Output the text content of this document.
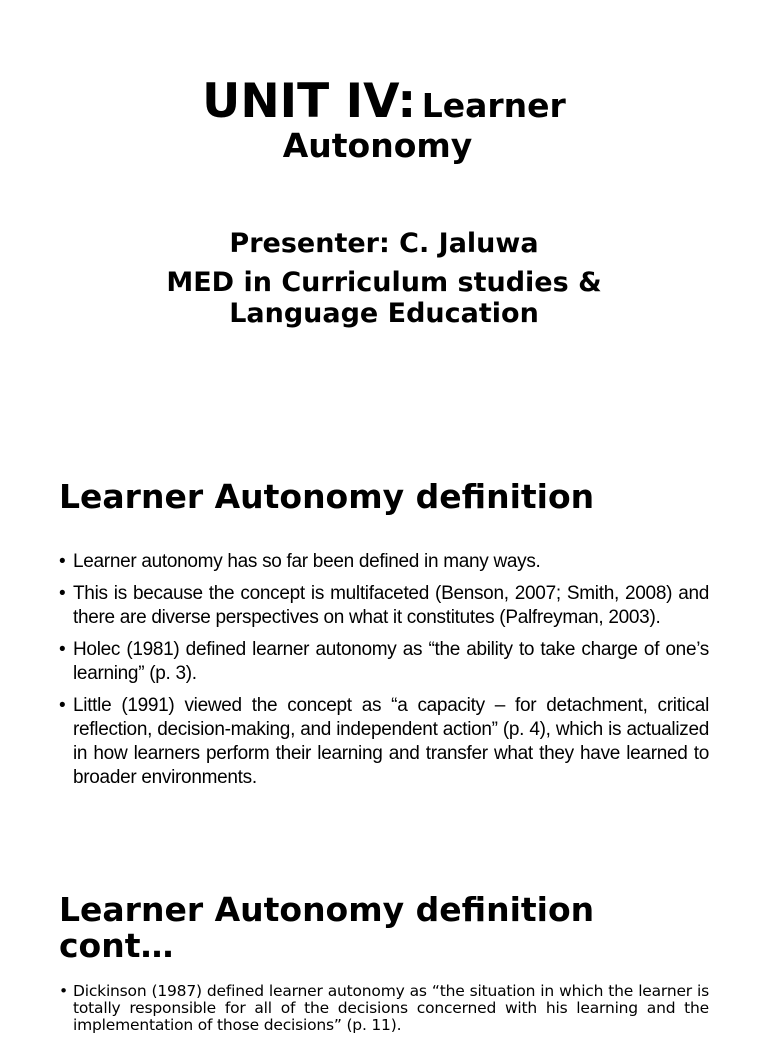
UNIT IV: Learner
Autonomy
Presenter: C. Jaluwa
MED in Curriculum studies &
Language Education
Learner Autonomy definition
• Learner autonomy has so far been defined in many ways.
• This is because the concept is multifaceted (Benson, 2007; Smith, 2008) and there are diverse perspectives on what it constitutes (Palfreyman, 2003).
• Holec (1981) defined learner autonomy as “the ability to take charge of one’s learning” (p. 3).
• Little (1991) viewed the concept as “a capacity – for detachment, critical reflection, decision-making, and independent action” (p. 4), which is actualized in how learners perform their learning and transfer what they have learned to broader environments.
Learner Autonomy definition cont…
• Dickinson (1987) defined learner autonomy as “the situation in which the learner is totally responsible for all of the decisions concerned with his learning and the implementation of those decisions” (p. 11).
